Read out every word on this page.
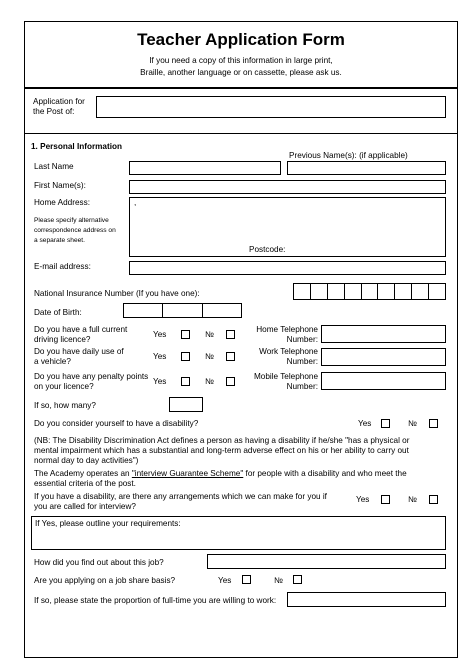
Teacher Application Form
If you need a copy of this information in large print,
Braille, another language or on cassette, please ask us.
Application for
the Post of:
1. Personal Information
Previous Name(s): (if applicable)
Last Name
First Name(s):
Home Address:	,
Please specify alternative
correspondence address on
a separate sheet.
Postcode:
E-mail address:
National Insurance Number (If you have one):
Date of Birth:
Do you have a full current
driving licence?
Yes	№
Home Telephone
Number:
Do you have daily use of
a vehicle?
Yes	№
Work Telephone
Number:
Do you have any penalty points
on your licence?
Yes	№
Mobile Telephone
Number:
If so, how many?
Do you consider yourself to have a disability?	Yes	№
(NB: The Disability Discrimination Act defines a person as having a disability if he/she "has a physical or
mental impairment which has a substantial and long-term adverse effect on his or her ability to carry out
normal day to day activities")
The Academy operates an "interview Guarantee Scheme" for people with a disability and who meet the
essential criteria of the post.
If you have a disability, are there any arrangements which we can make for you if
you are called for interview?
Yes	№
If Yes, please outline your requirements:
How did you find out about this job?
Are you applying on a job share basis?	Yes	№
If so, please state the proportion of full-time you are willing to work:
